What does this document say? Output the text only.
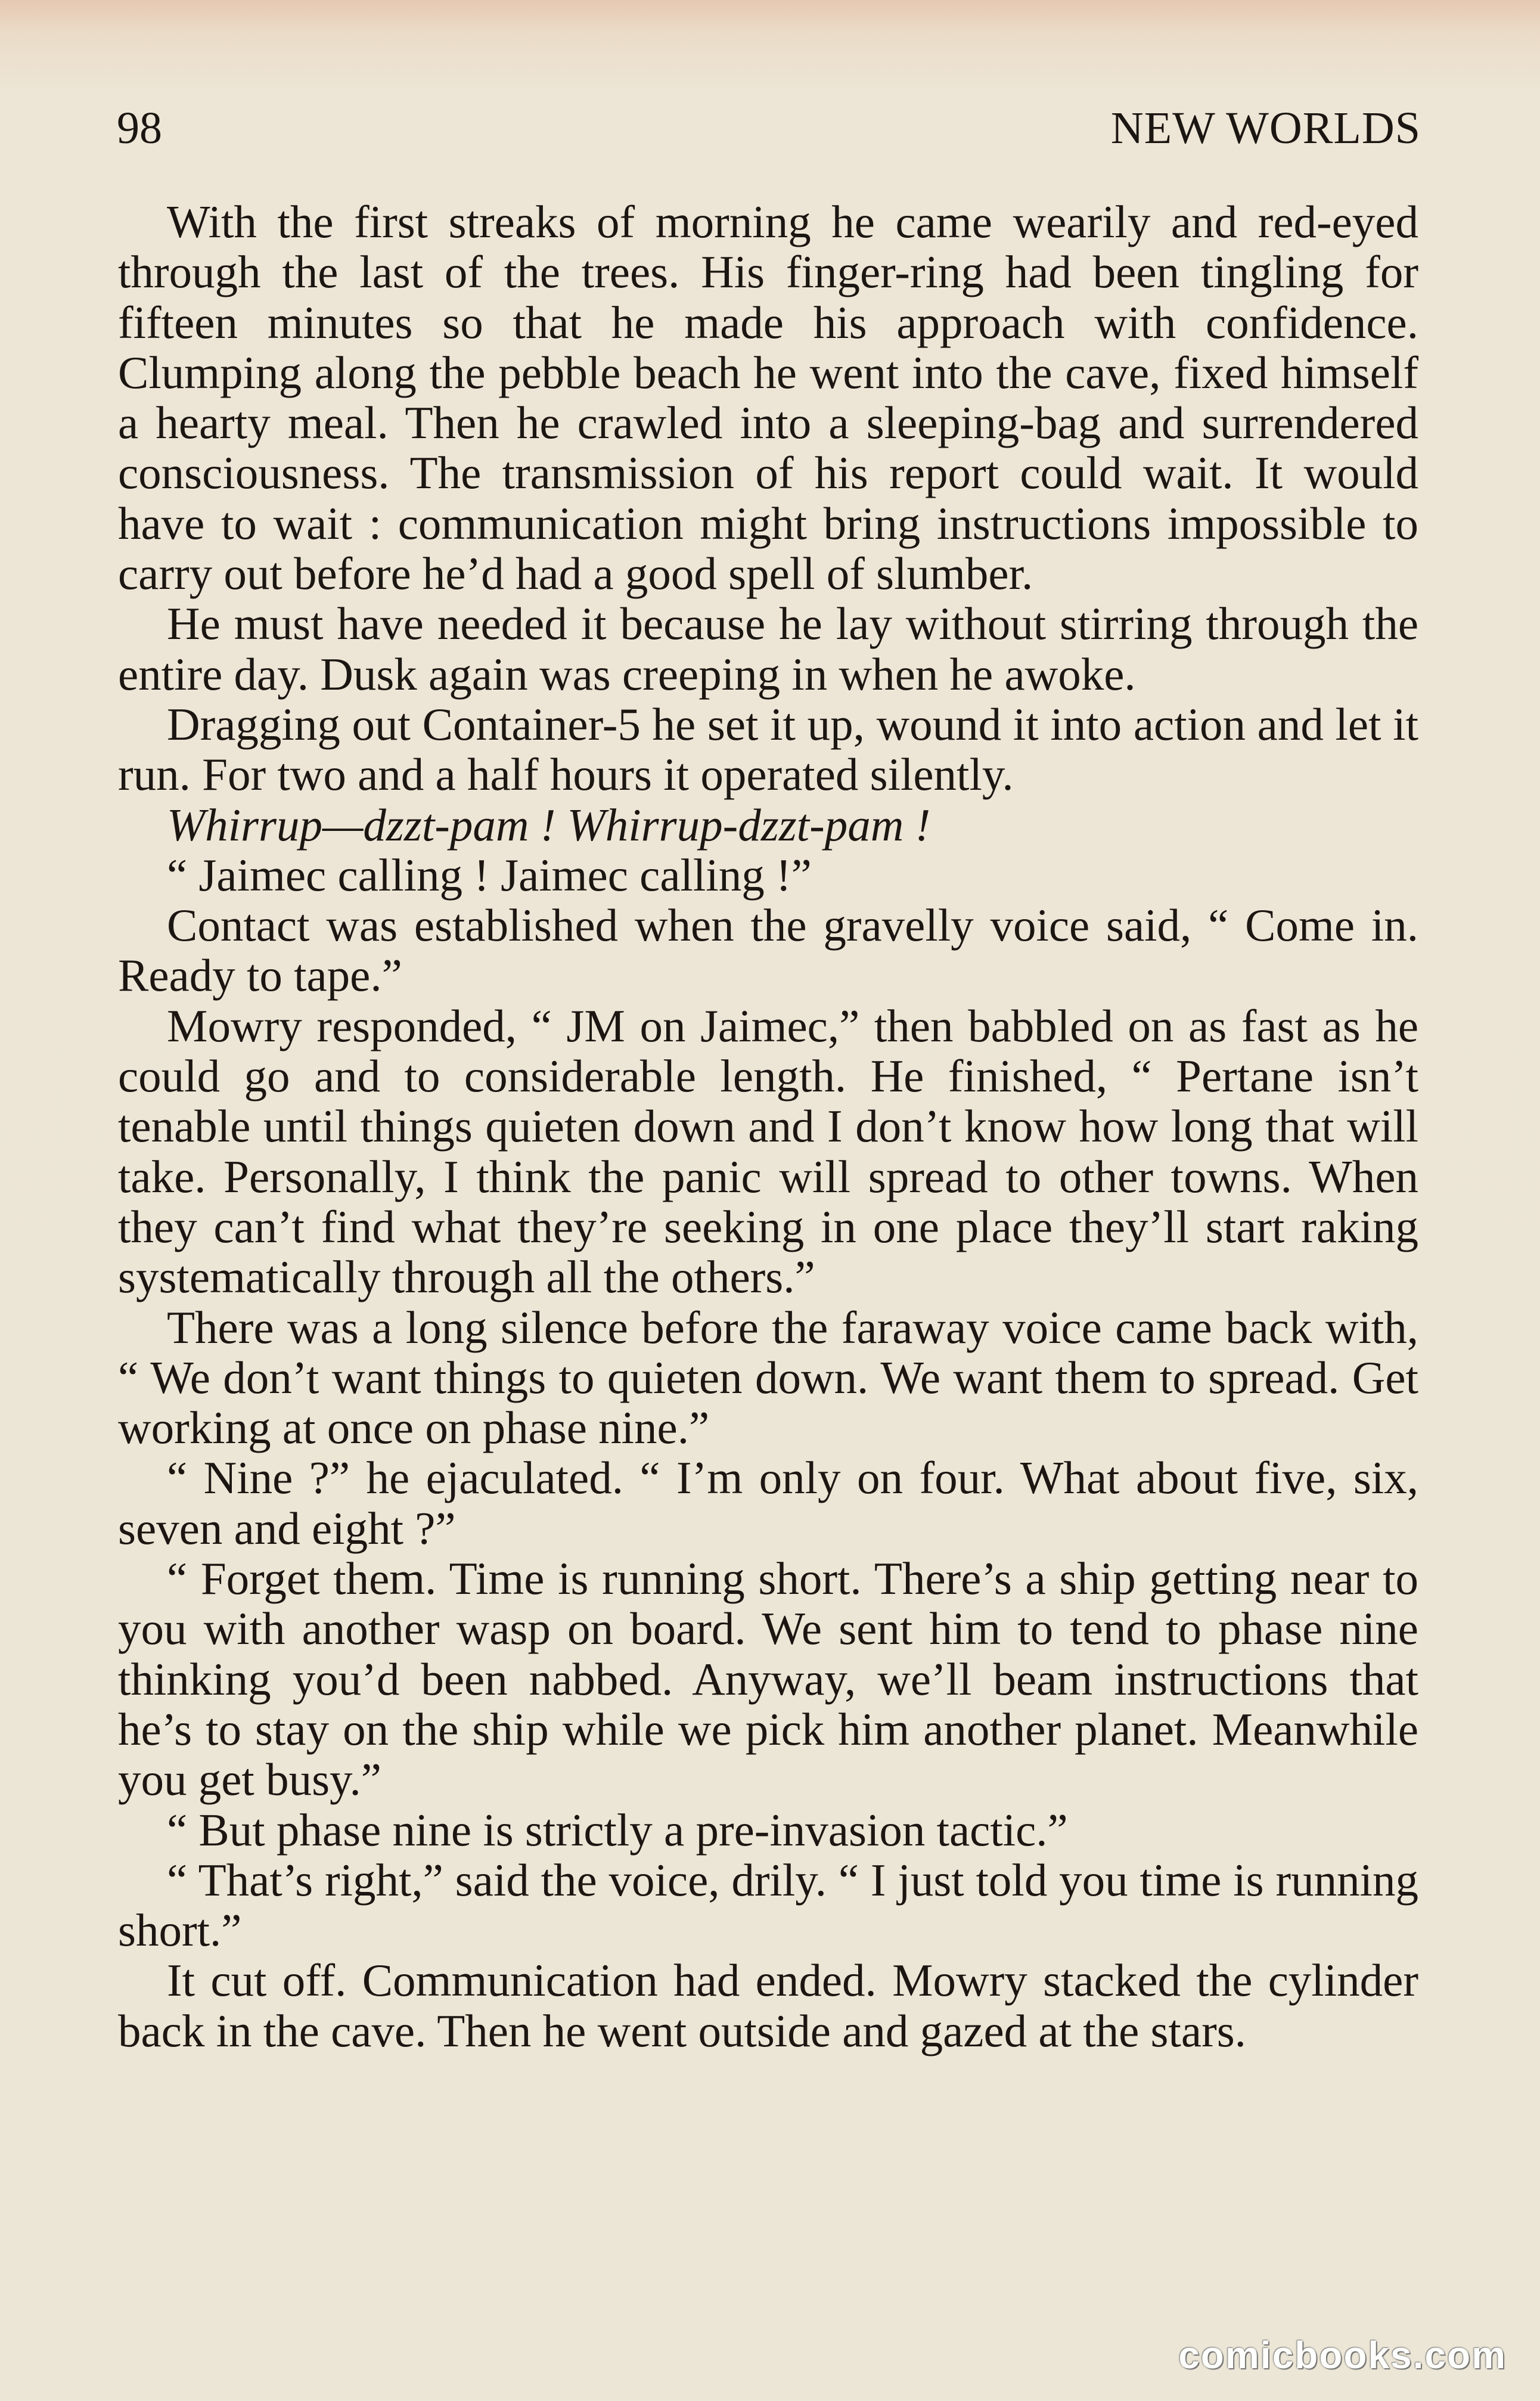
98	NEW WORLDS

With the first streaks of morning he came wearily and red-eyed through the last of the trees. His finger-ring had been tingling for fifteen minutes so that he made his approach with confidence. Clumping along the pebble beach he went into the cave, fixed himself a hearty meal. Then he crawled into a sleeping-bag and surrendered consciousness. The transmission of his report could wait. It would have to wait : communication might bring instructions impossible to carry out before he’d had a good spell of slumber.

He must have needed it because he lay without stirring through the entire day. Dusk again was creeping in when he awoke.

Dragging out Container-5 he set it up, wound it into action and let it run. For two and a half hours it operated silently.

Whirrup—dzzt-pam ! Whirrup-dzzt-pam !

“ Jaimec calling ! Jaimec calling !”

Contact was established when the gravelly voice said, “ Come in. Ready to tape.”

Mowry responded, “ JM on Jaimec,” then babbled on as fast as he could go and to considerable length. He finished, “ Pertane isn’t tenable until things quieten down and I don’t know how long that will take. Personally, I think the panic will spread to other towns. When they can’t find what they’re seeking in one place they’ll start raking systematically through all the others.”

There was a long silence before the faraway voice came back with, “ We don’t want things to quieten down. We want them to spread. Get working at once on phase nine.”

“ Nine ?” he ejaculated. “ I’m only on four. What about five, six, seven and eight ?”

“ Forget them. Time is running short. There’s a ship getting near to you with another wasp on board. We sent him to tend to phase nine thinking you’d been nabbed. Anyway, we’ll beam instructions that he’s to stay on the ship while we pick him another planet. Meanwhile you get busy.”

“ But phase nine is strictly a pre-invasion tactic.”

“ That’s right,” said the voice, drily. “ I just told you time is running short.”

It cut off. Communication had ended. Mowry stacked the cylinder back in the cave. Then he went outside and gazed at the stars.

comicbooks.com
